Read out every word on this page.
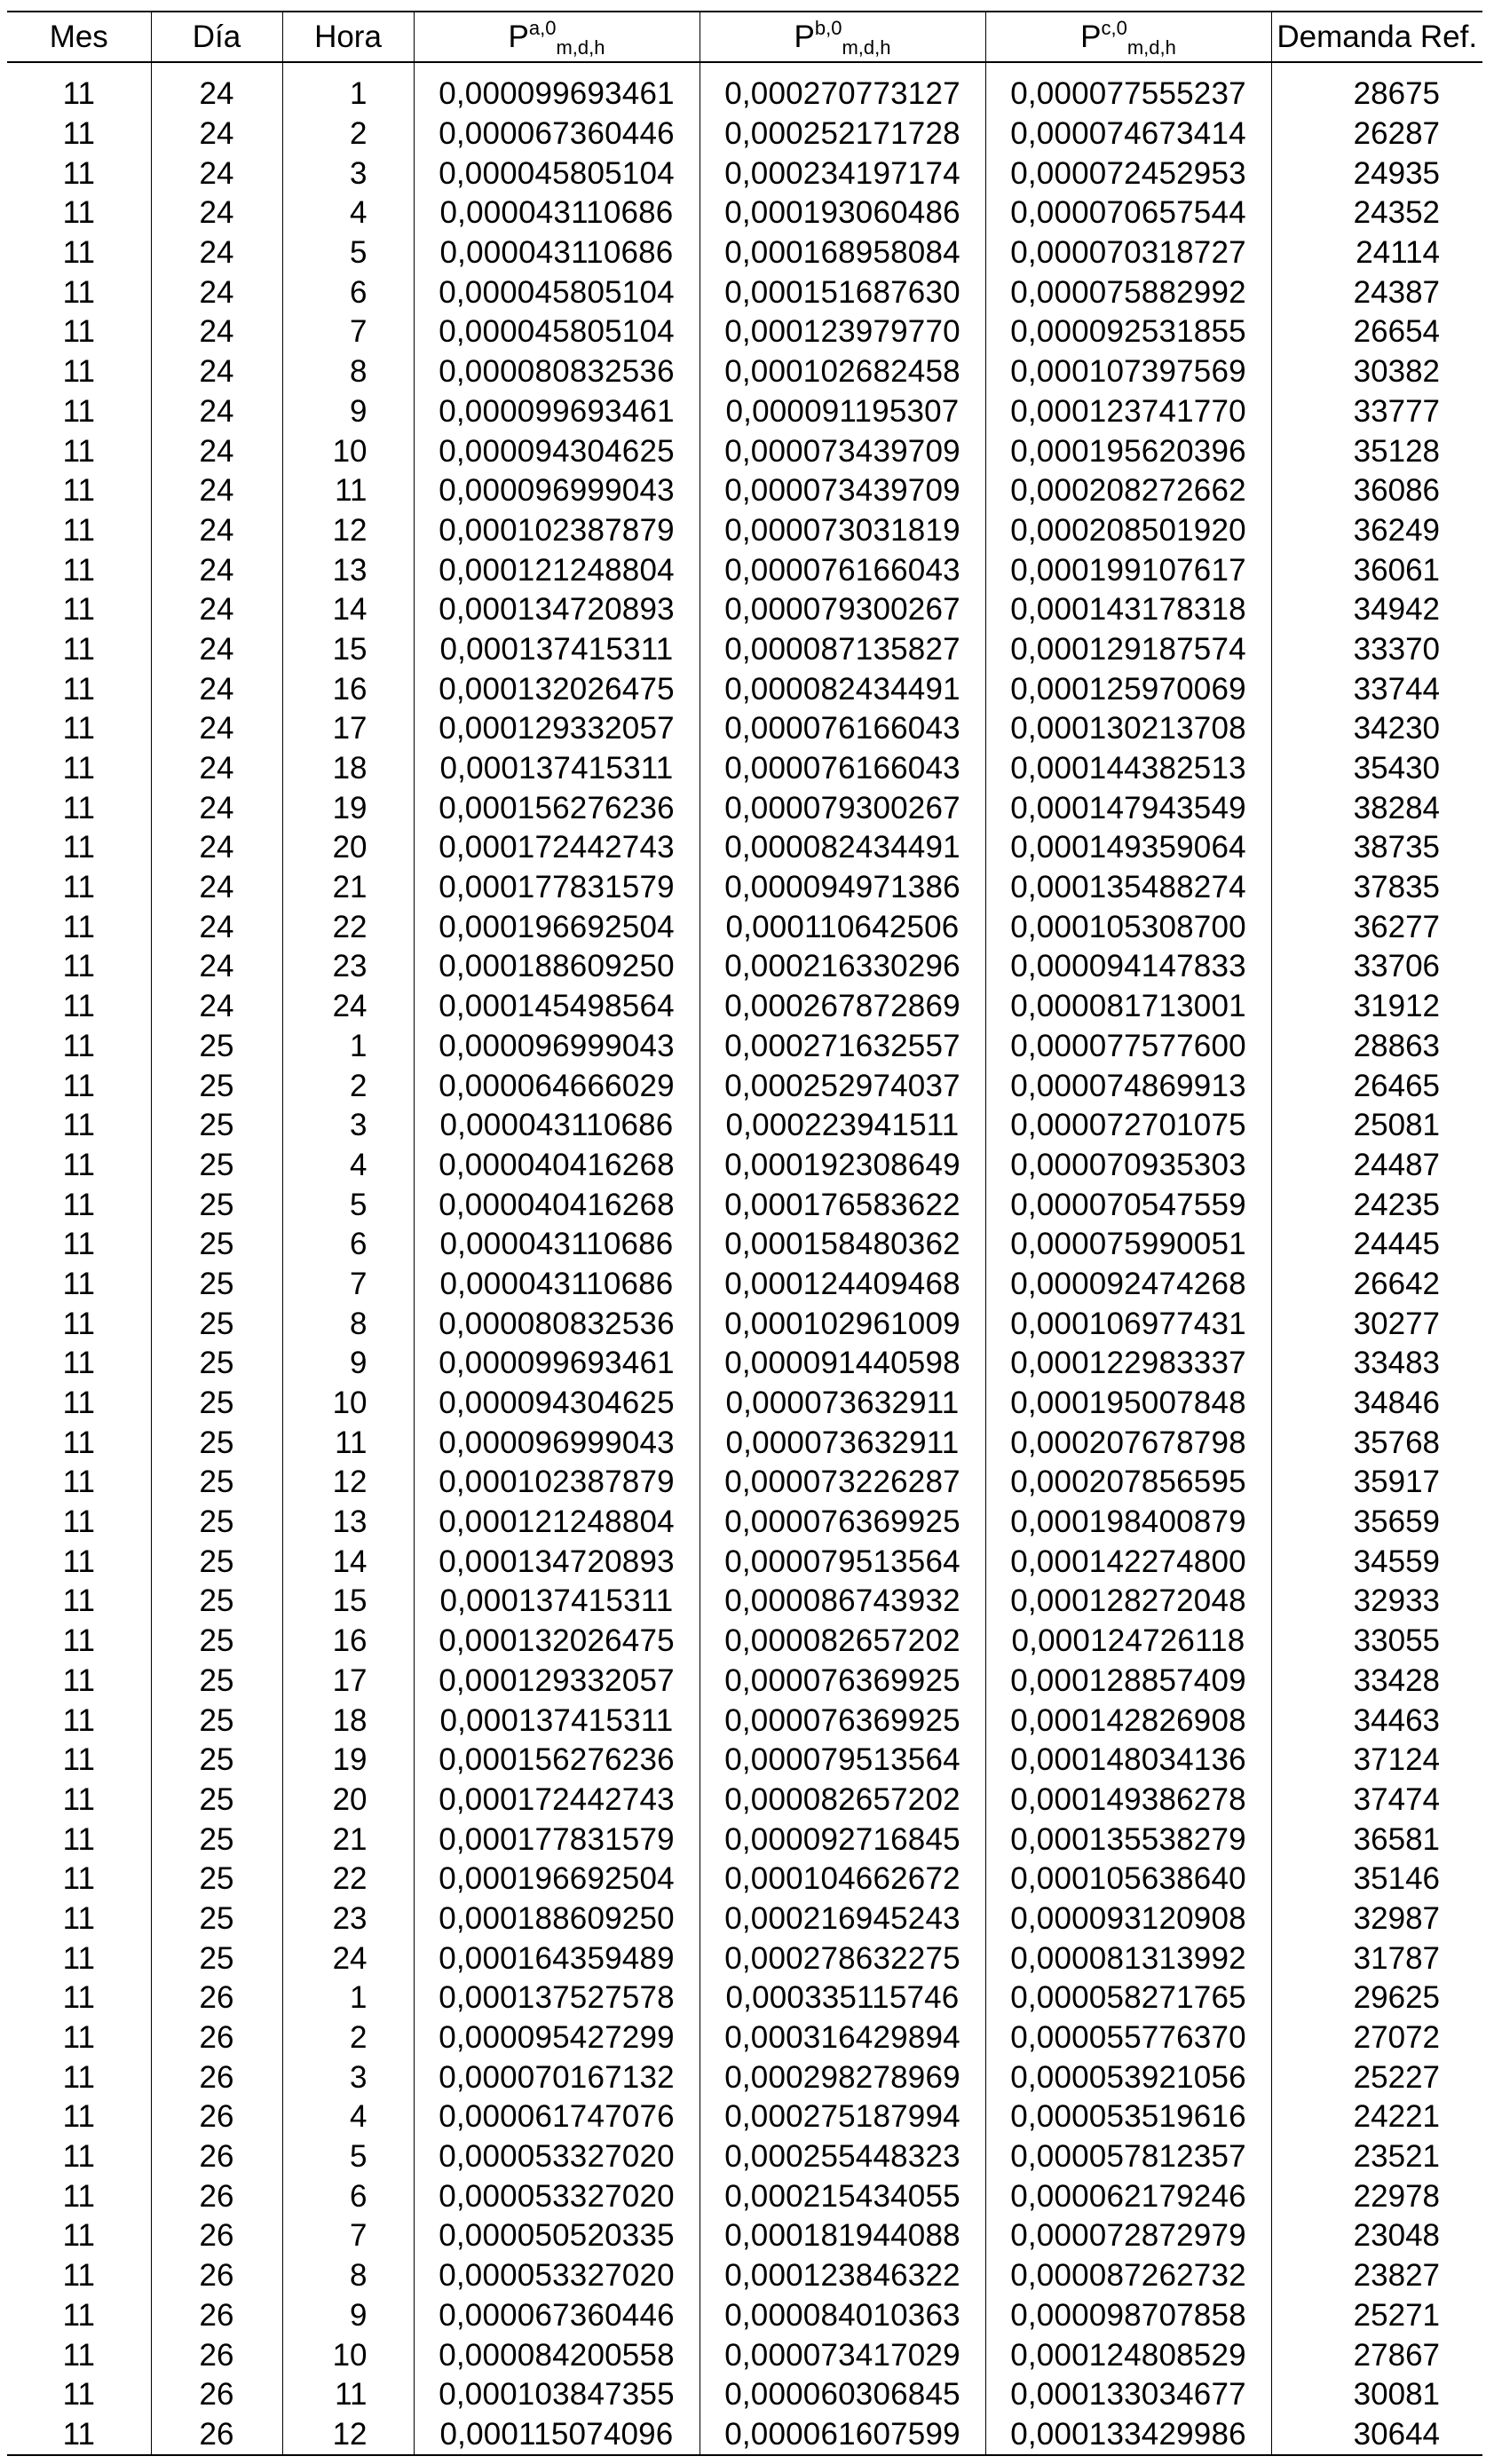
Mes	Día	Hora	P$^{a,0}_{m,d,h}$	P$^{b,0}_{m,d,h}$	P$^{c,0}_{m,d,h}$	Demanda Ref.

11	24	1	0,000099693461	0,000270773127	0,000077555237	28675
11	24	2	0,000067360446	0,000252171728	0,000074673414	26287
11	24	3	0,000045805104	0,000234197174	0,000072452953	24935
11	24	4	0,000043110686	0,000193060486	0,000070657544	24352
11	24	5	0,000043110686	0,000168958084	0,000070318727	24114
11	24	6	0,000045805104	0,000151687630	0,000075882992	24387
11	24	7	0,000045805104	0,000123979770	0,000092531855	26654
11	24	8	0,000080832536	0,000102682458	0,000107397569	30382
11	24	9	0,000099693461	0,000091195307	0,000123741770	33777
11	24	10	0,000094304625	0,000073439709	0,000195620396	35128
11	24	11	0,000096999043	0,000073439709	0,000208272662	36086
11	24	12	0,000102387879	0,000073031819	0,000208501920	36249
11	24	13	0,000121248804	0,000076166043	0,000199107617	36061
11	24	14	0,000134720893	0,000079300267	0,000143178318	34942
11	24	15	0,000137415311	0,000087135827	0,000129187574	33370
11	24	16	0,000132026475	0,000082434491	0,000125970069	33744
11	24	17	0,000129332057	0,000076166043	0,000130213708	34230
11	24	18	0,000137415311	0,000076166043	0,000144382513	35430
11	24	19	0,000156276236	0,000079300267	0,000147943549	38284
11	24	20	0,000172442743	0,000082434491	0,000149359064	38735
11	24	21	0,000177831579	0,000094971386	0,000135488274	37835
11	24	22	0,000196692504	0,000110642506	0,000105308700	36277
11	24	23	0,000188609250	0,000216330296	0,000094147833	33706
11	24	24	0,000145498564	0,000267872869	0,000081713001	31912
11	25	1	0,000096999043	0,000271632557	0,000077577600	28863
11	25	2	0,000064666029	0,000252974037	0,000074869913	26465
11	25	3	0,000043110686	0,000223941511	0,000072701075	25081
11	25	4	0,000040416268	0,000192308649	0,000070935303	24487
11	25	5	0,000040416268	0,000176583622	0,000070547559	24235
11	25	6	0,000043110686	0,000158480362	0,000075990051	24445
11	25	7	0,000043110686	0,000124409468	0,000092474268	26642
11	25	8	0,000080832536	0,000102961009	0,000106977431	30277
11	25	9	0,000099693461	0,000091440598	0,000122983337	33483
11	25	10	0,000094304625	0,000073632911	0,000195007848	34846
11	25	11	0,000096999043	0,000073632911	0,000207678798	35768
11	25	12	0,000102387879	0,000073226287	0,000207856595	35917
11	25	13	0,000121248804	0,000076369925	0,000198400879	35659
11	25	14	0,000134720893	0,000079513564	0,000142274800	34559
11	25	15	0,000137415311	0,000086743932	0,000128272048	32933
11	25	16	0,000132026475	0,000082657202	0,000124726118	33055
11	25	17	0,000129332057	0,000076369925	0,000128857409	33428
11	25	18	0,000137415311	0,000076369925	0,000142826908	34463
11	25	19	0,000156276236	0,000079513564	0,000148034136	37124
11	25	20	0,000172442743	0,000082657202	0,000149386278	37474
11	25	21	0,000177831579	0,000092716845	0,000135538279	36581
11	25	22	0,000196692504	0,000104662672	0,000105638640	35146
11	25	23	0,000188609250	0,000216945243	0,000093120908	32987
11	25	24	0,000164359489	0,000278632275	0,000081313992	31787
11	26	1	0,000137527578	0,000335115746	0,000058271765	29625
11	26	2	0,000095427299	0,000316429894	0,000055776370	27072
11	26	3	0,000070167132	0,000298278969	0,000053921056	25227
11	26	4	0,000061747076	0,000275187994	0,000053519616	24221
11	26	5	0,000053327020	0,000255448323	0,000057812357	23521
11	26	6	0,000053327020	0,000215434055	0,000062179246	22978
11	26	7	0,000050520335	0,000181944088	0,000072872979	23048
11	26	8	0,000053327020	0,000123846322	0,000087262732	23827
11	26	9	0,000067360446	0,000084010363	0,000098707858	25271
11	26	10	0,000084200558	0,000073417029	0,000124808529	27867
11	26	11	0,000103847355	0,000060306845	0,000133034677	30081
11	26	12	0,000115074096	0,000061607599	0,000133429986	30644
